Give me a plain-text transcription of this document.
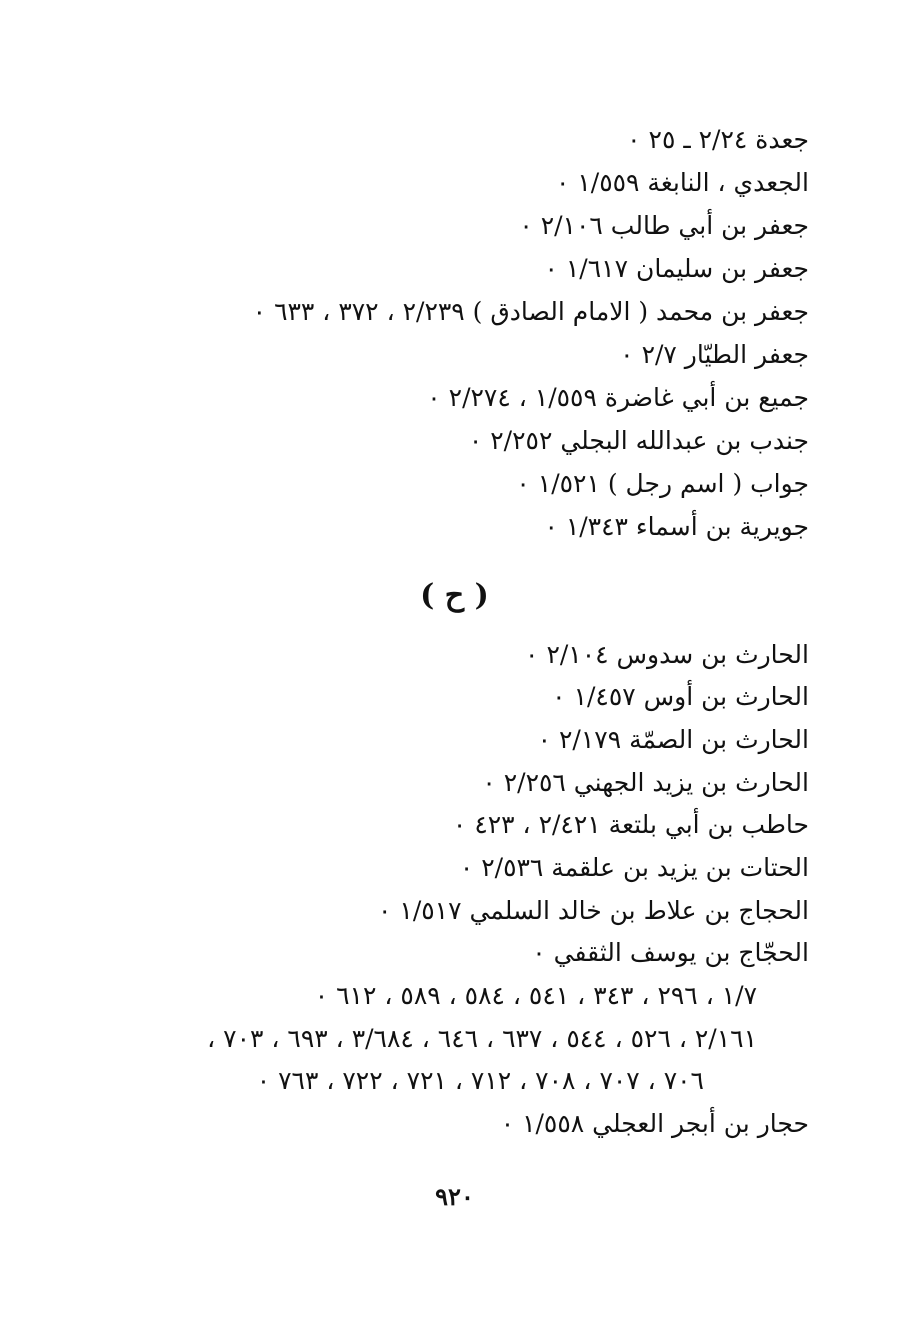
جعدة ٢/٢٤ ـ ٢٥ ٠
الجعدي ، النابغة ١/٥٥٩ ٠
جعفر بن أبي طالب ٢/١٠٦ ٠
جعفر بن سليمان ١/٦١٧ ٠
جعفر بن محمد ( الامام الصادق ) ٢/٢٣٩ ، ٣٧٢ ، ٦٣٣ ٠
جعفر الطيّار ٢/٧ ٠
جميع بن أبي غاضرة ١/٥٥٩ ، ٢/٢٧٤ ٠
جندب بن عبدالله البجلي ٢/٢٥٢ ٠
جواب ( اسم رجل ) ١/٥٢١ ٠
جويرية بن أسماء ١/٣٤٣ ٠
( ح )
الحارث بن سدوس ٢/١٠٤ ٠
الحارث بن أوس ١/٤٥٧ ٠
الحارث بن الصمّة ٢/١٧٩ ٠
الحارث بن يزيد الجهني ٢/٢٥٦ ٠
حاطب بن أبي بلتعة ٢/٤٢١ ، ٤٢٣ ٠
الحتات بن يزيد بن علقمة ٢/٥٣٦ ٠
الحجاج بن علاط بن خالد السلمي ١/٥١٧ ٠
الحجّاج بن يوسف الثقفي ٠
١/٧ ، ٢٩٦ ، ٣٤٣ ، ٥٤١ ، ٥٨٤ ، ٥٨٩ ، ٦١٢ ٠
٢/١٦١ ، ٥٢٦ ، ٥٤٤ ، ٦٣٧ ، ٦٤٦ ، ٣/٦٨٤ ، ٦٩٣ ، ٧٠٣ ،
٧٠٦ ، ٧٠٧ ، ٧٠٨ ، ٧١٢ ، ٧٢١ ، ٧٢٢ ، ٧٦٣ ٠
حجار بن أبجر العجلي ١/٥٥٨ ٠
٩٢٠
